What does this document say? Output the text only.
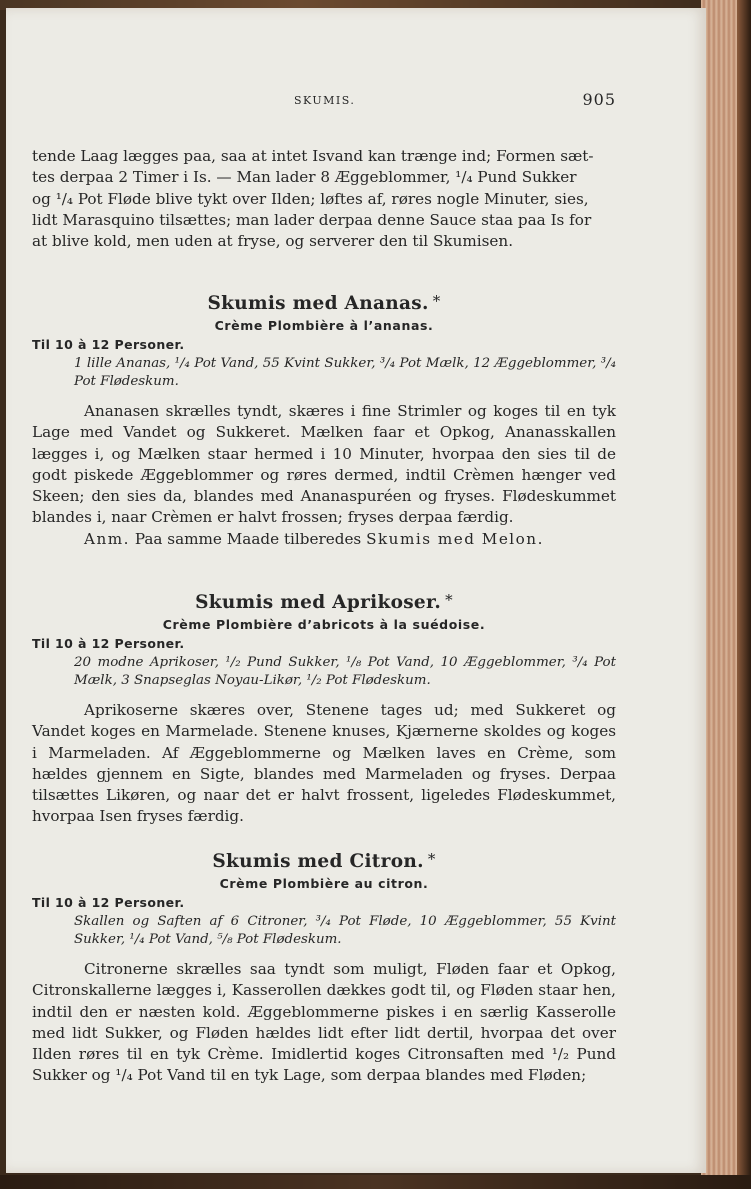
SKUMIS.	905

tende Laag lægges paa, saa at intet Isvand kan trænge ind; Formen sæt-

tes derpaa 2 Timer i Is. — Man lader 8 Æggeblommer, ¹/₄ Pund Sukker

og ¹/₄ Pot Fløde blive tykt over Ilden; løftes af, røres nogle Minuter, sies,

lidt Marasquino tilsættes; man lader derpaa denne Sauce staa paa Is for

at blive kold, men uden at fryse, og serverer den til Skumisen.

Skumis med Ananas. *
Crème Plombière à l’ananas.
Til 10 à 12 Personer.
1 lille Ananas, ¹/₄ Pot Vand, 55 Kvint Sukker, ³/₄ Pot Mælk, 12 Æggeblommer, ³/₄ Pot Flødeskum.

Ananasen skrælles tyndt, skæres i fine Strimler og koges til en tyk Lage med Vandet og Sukkeret. Mælken faar et Opkog, Ananasskallen lægges i, og Mælken staar hermed i 10 Minuter, hvorpaa den sies til de godt piskede Æggeblommer og røres dermed, indtil Crèmen hænger ved Skeen; den sies da, blandes med Ananaspuréen og fryses. Flødeskummet blandes i, naar Crèmen er halvt frossen; fryses derpaa færdig.

Anm. Paa samme Maade tilberedes Skumis med Melon.

Skumis med Aprikoser. *
Crème Plombière d’abricots à la suédoise.
Til 10 à 12 Personer.
20 modne Aprikoser, ¹/₂ Pund Sukker, ¹/₈ Pot Vand, 10 Æggeblommer, ³/₄ Pot Mælk, 3 Snapseglas Noyau-Likør, ¹/₂ Pot Flødeskum.

Aprikoserne skæres over, Stenene tages ud; med Sukkeret og Vandet koges en Marmelade. Stenene knuses, Kjærnerne skoldes og koges i Marmeladen. Af Æggeblommerne og Mælken laves en Crème, som hældes gjennem en Sigte, blandes med Marmeladen og fryses. Derpaa tilsættes Likøren, og naar det er halvt frossent, ligeledes Flødeskummet, hvorpaa Isen fryses færdig.

Skumis med Citron. *
Crème Plombière au citron.
Til 10 à 12 Personer.
Skallen og Saften af 6 Citroner, ³/₄ Pot Fløde, 10 Æggeblommer, 55 Kvint Sukker, ¹/₄ Pot Vand, ⁵/₈ Pot Flødeskum.

Citronerne skrælles saa tyndt som muligt, Fløden faar et Opkog, Citronskallerne lægges i, Kasserollen dækkes godt til, og Fløden staar hen, indtil den er næsten kold. Æggeblommerne piskes i en særlig Kasserolle med lidt Sukker, og Fløden hældes lidt efter lidt dertil, hvorpaa det over Ilden røres til en tyk Crème. Imidlertid koges Citronsaften med ¹/₂ Pund Sukker og ¹/₄ Pot Vand til en tyk Lage, som derpaa blandes med Fløden;
